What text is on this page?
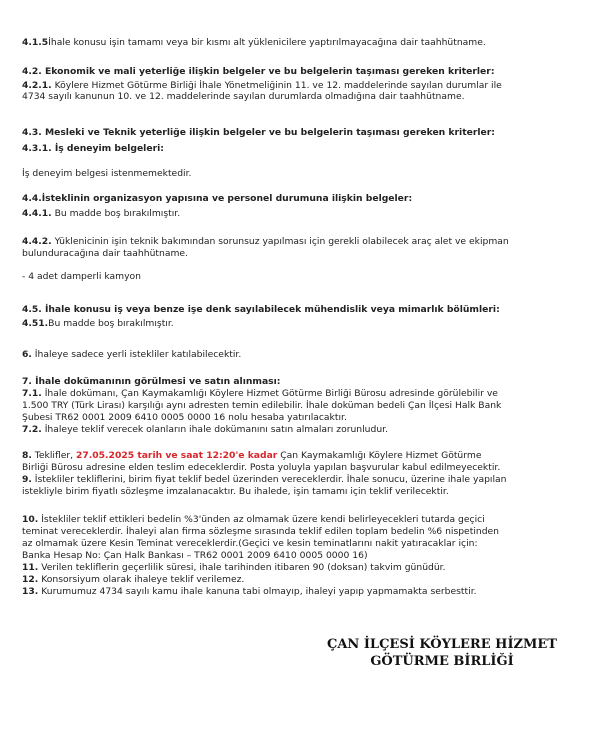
4.1.5İhale konusu işin tamamı veya bir kısmı alt yüklenicilere yaptırılmayacağına dair taahhütname.
4.2. Ekonomik ve mali yeterliğe ilişkin belgeler ve bu belgelerin taşıması gereken kriterler:
4.2.1. Köylere Hizmet Götürme Birliği İhale Yönetmeliğinin 11. ve 12. maddelerinde sayılan durumlar ile
4734 sayılı kanunun 10. ve 12. maddelerinde sayılan durumlarda olmadığına dair taahhütname.
4.3. Mesleki ve Teknik yeterliğe ilişkin belgeler ve bu belgelerin taşıması gereken kriterler:
4.3.1. İş deneyim belgeleri:
İş deneyim belgesi istenmemektedir.
4.4.İsteklinin organizasyon yapısına ve personel durumuna ilişkin belgeler:
4.4.1. Bu madde boş bırakılmıştır.
4.4.2. Yüklenicinin işin teknik bakımından sorunsuz yapılması için gerekli olabilecek araç alet ve ekipman
bulunduracağına dair taahhütname.
- 4 adet damperli kamyon
4.5. İhale konusu iş veya benze işe denk sayılabilecek mühendislik veya mimarlık bölümleri:
4.51.Bu madde boş bırakılmıştır.
6. İhaleye sadece yerli istekliler katılabilecektir.
7. İhale dokümanının görülmesi ve satın alınması:
7.1. İhale dokümanı, Çan Kaymakamlığı Köylere Hizmet Götürme Birliği Bürosu adresinde görülebilir ve
1.500 TRY (Türk Lirası) karşılığı aynı adresten temin edilebilir. İhale doküman bedeli Çan İlçesi Halk Bank
Şubesi TR62 0001 2009 6410 0005 0000 16 nolu hesaba yatırılacaktır.
7.2. İhaleye teklif verecek olanların ihale dokümanını satın almaları zorunludur.
8. Teklifler, 27.05.2025 tarih ve saat 12:20'e kadar Çan Kaymakamlığı Köylere Hizmet Götürme
Birliği Bürosu adresine elden teslim edeceklerdir. Posta yoluyla yapılan başvurular kabul edilmeyecektir.
9. İstekliler tekliflerini, birim fiyat teklif bedel üzerinden vereceklerdir. İhale sonucu, üzerine ihale yapılan
istekliyle birim fiyatlı sözleşme imzalanacaktır. Bu ihalede, işin tamamı için teklif verilecektir.
10. İstekliler teklif ettikleri bedelin %3'ünden az olmamak üzere kendi belirleyecekleri tutarda geçici
teminat vereceklerdir. İhaleyi alan firma sözleşme sırasında teklif edilen toplam bedelin %6 nispetinden
az olmamak üzere Kesin Teminat vereceklerdir.(Geçici ve kesin teminatlarını nakit yatıracaklar için:
Banka Hesap No: Çan Halk Bankası – TR62 0001 2009 6410 0005 0000 16)
11. Verilen tekliflerin geçerlilik süresi, ihale tarihinden itibaren 90 (doksan) takvim günüdür.
12. Konsorsiyum olarak ihaleye teklif verilemez.
13. Kurumumuz 4734 sayılı kamu ihale kanuna tabi olmayıp, ihaleyi yapıp yapmamakta serbesttir.
ÇAN İLÇESİ KÖYLERE HİZMET
GÖTÜRME BİRLİĞİ
